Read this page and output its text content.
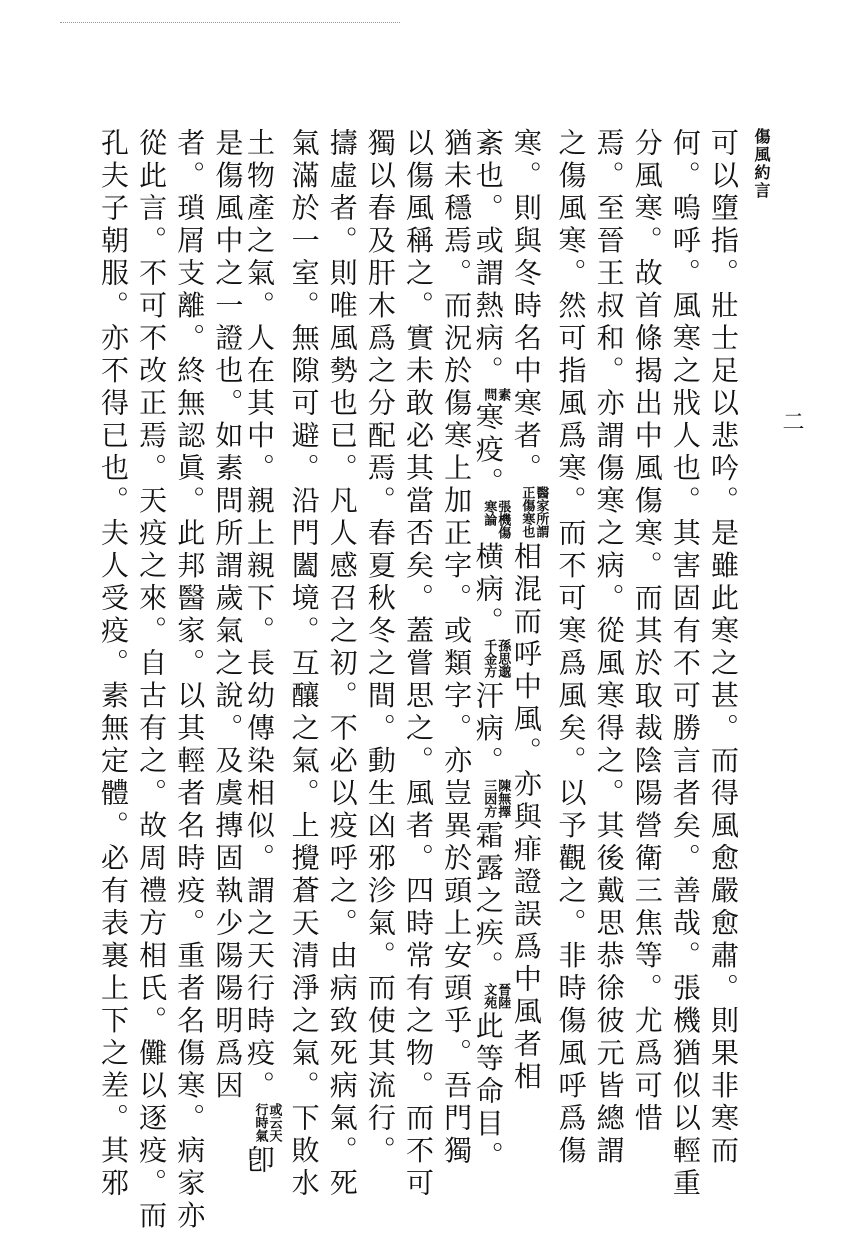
傷風約言
二
可以墮指。壯士足以悲吟。是雖此寒之甚。而得風愈嚴愈肅。則果非寒而
何。嗚呼。風寒之戕人也。其害固有不可勝言者矣。善哉。張機猶似以輕重
分風寒。故首條揭出中風傷寒。而其於取裁陰陽營衛三焦等。尤爲可惜
焉。至晉王叔和。亦謂傷寒之病。從風寒得之。其後戴思恭徐彼元皆總謂
之傷風寒。然可指風爲寒。而不可寒爲風矣。以予觀之。非時傷風呼爲傷
寒。則與冬時名中寒者。醫家所謂正傷寒也相混而呼中風。亦與痱證誤爲中風者相
紊也。或謂熱病。素問寒疫。張機傷寒論横病。孫思邈千金方汗病。陳無擇三因方霜露之疾。晉陸文苑此等命目。
猶未穩焉。而況於傷寒上加正字。或類字。亦豈異於頭上安頭乎。吾門獨
以傷風稱之。實未敢必其當否矣。蓋嘗思之。風者。四時常有之物。而不可
獨以春及肝木爲之分配焉。春夏秋冬之間。動生凶邪沴氣。而使其流行。
擣虛者。則唯風勢也已。凡人感召之初。不必以疫呼之。由病致死病氣。死
氣滿於一室。無隙可避。沿門闔境。互釀之氣。上攪蒼天清淨之氣。下敗水
土物產之氣。人在其中。親上親下。長幼傳染相似。謂之天行時疫。或云天行時氣卽
是傷風中之一證也。如素問所謂歲氣之說。及虞摶固執少陽陽明爲因
者。瑣屑支離。終無認眞。此邦醫家。以其輕者名時疫。重者名傷寒。病家亦
從此言。不可不改正焉。天疫之來。自古有之。故周禮方相氏。儺以逐疫。而
孔夫子朝服。亦不得已也。夫人受疫。素無定體。必有表裏上下之差。其邪
